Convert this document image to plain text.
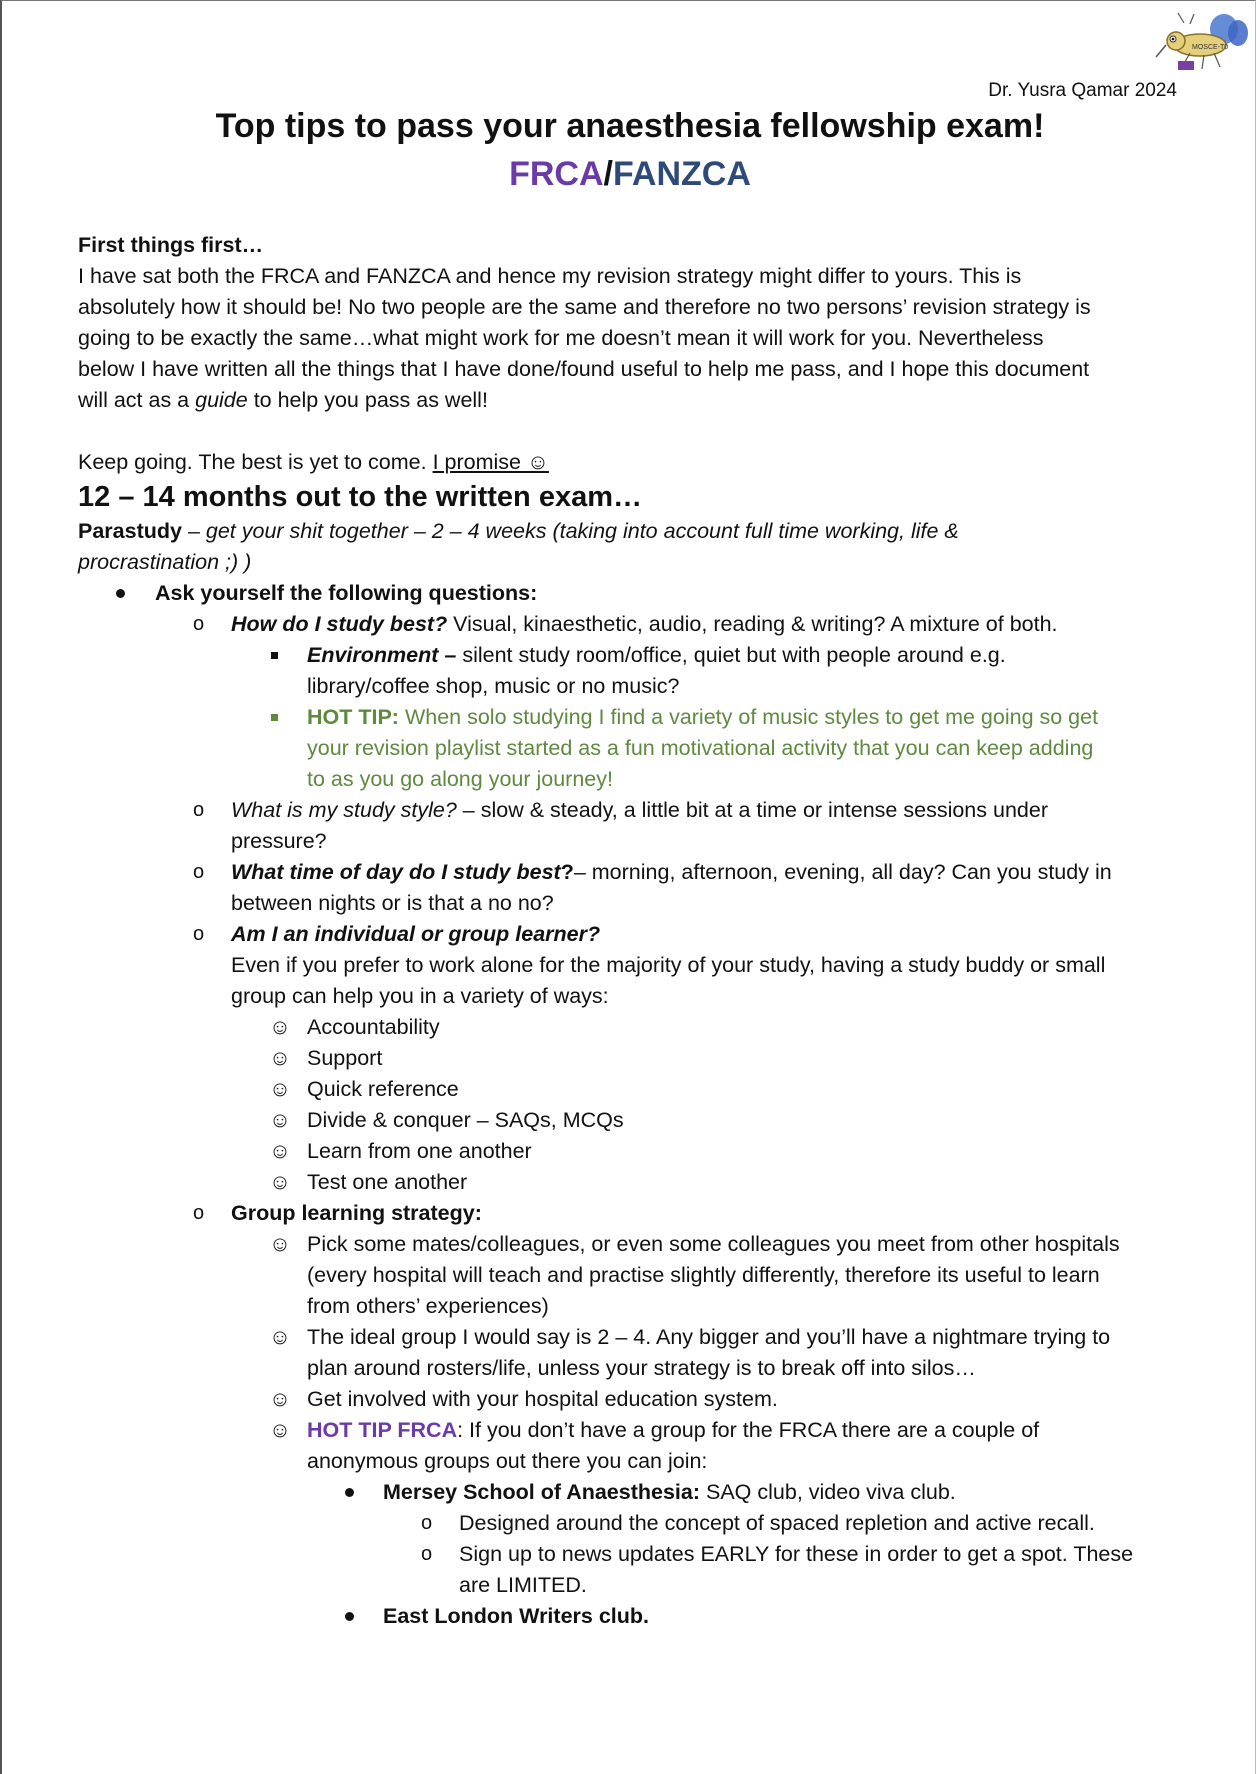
MOSCE-T0
Dr. Yusra Qamar 2024
Top tips to pass your anaesthesia fellowship exam!
FRCA/FANZCA

First things first…

I have sat both the FRCA and FANZCA and hence my revision strategy might differ to yours. This is

absolutely how it should be! No two people are the same and therefore no two persons’ revision strategy is

going to be exactly the same…what might work for me doesn’t mean it will work for you. Nevertheless

below I have written all the things that I have done/found useful to help me pass, and I hope this document

will act as a guide to help you pass as well!

Keep going. The best is yet to come. I promise ☺

12 – 14 months out to the written exam…

Parastudy – get your shit together – 2 – 4 weeks (taking into account full time working, life &

procrastination ;) )

Ask yourself the following questions:
o How do I study best? Visual, kinaesthetic, audio, reading & writing? A mixture of both.
Environment – silent study room/office, quiet but with people around e.g.
library/coffee shop, music or no music?
HOT TIP: When solo studying I find a variety of music styles to get me going so get
your revision playlist started as a fun motivational activity that you can keep adding
to as you go along your journey!
o What is my study style? – slow & steady, a little bit at a time or intense sessions under
pressure?
o What time of day do I study best?– morning, afternoon, evening, all day? Can you study in
between nights or is that a no no?
o Am I an individual or group learner?
Even if you prefer to work alone for the majority of your study, having a study buddy or small
group can help you in a variety of ways:
☺ Accountability
☺ Support
☺ Quick reference
☺ Divide & conquer – SAQs, MCQs
☺ Learn from one another
☺ Test one another
o Group learning strategy:
☺ Pick some mates/colleagues, or even some colleagues you meet from other hospitals
(every hospital will teach and practise slightly differently, therefore its useful to learn
from others’ experiences)
☺ The ideal group I would say is 2 – 4. Any bigger and you’ll have a nightmare trying to
plan around rosters/life, unless your strategy is to break off into silos…
☺ Get involved with your hospital education system.
☺ HOT TIP FRCA: If you don’t have a group for the FRCA there are a couple of
anonymous groups out there you can join:
Mersey School of Anaesthesia: SAQ club, video viva club.
o Designed around the concept of spaced repletion and active recall.
o Sign up to news updates EARLY for these in order to get a spot. These
are LIMITED.
East London Writers club.
